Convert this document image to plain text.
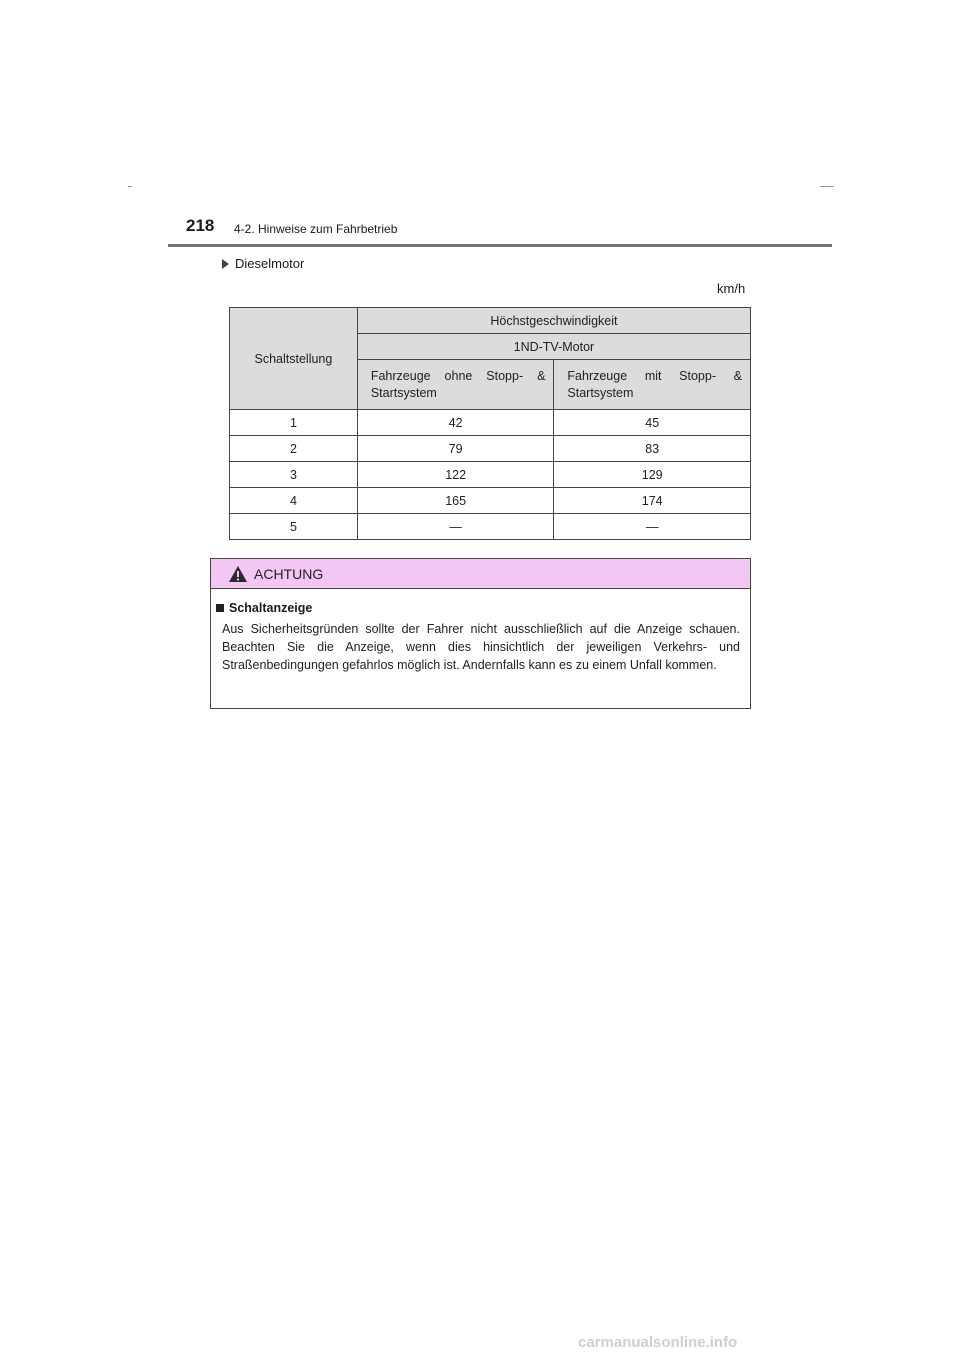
218 4-2. Hinweise zum Fahrbetrieb
Dieselmotor
km/h
Schaltstellung	Höchstgeschwindigkeit	
	1ND-TV-Motor	
	Fahrzeuge ohne Stopp- & Startsystem	Fahrzeuge mit Stopp- & Startsystem
1	42	45
2	79	83
3	122	129
4	165	174
5	—	—
ACHTUNG
Schaltanzeige
Aus Sicherheitsgründen sollte der Fahrer nicht ausschließlich auf die Anzeige schauen. Beachten Sie die Anzeige, wenn dies hinsichtlich der jeweiligen Verkehrs- und Straßenbedingungen gefahrlos möglich ist. Andernfalls kann es zu einem Unfall kommen.
carmanualsonline.info
